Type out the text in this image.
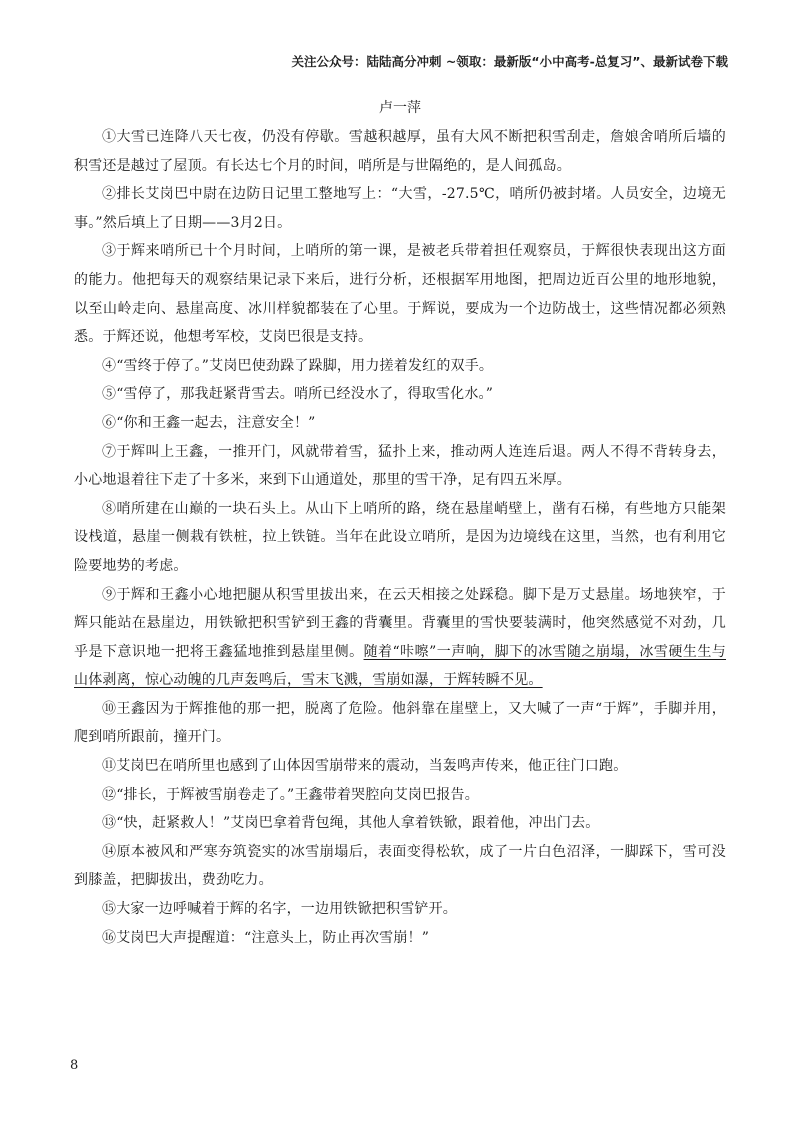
关注公众号：陆陆高分冲刺 ~领取：最新版“小中高考-总复习”、最新试卷下载
卢一萍

①大雪已连降八天七夜，仍没有停歇。雪越积越厚，虽有大风不断把积雪刮走，詹娘舍哨所后墙的积雪还是越过了屋顶。有长达七个月的时间，哨所是与世隔绝的，是人间孤岛。

②排长艾岗巴中尉在边防日记里工整地写上：“大雪，-27.5℃，哨所仍被封堵。人员安全，边境无事。”然后填上了日期——3月2日。

③于辉来哨所已十个月时间，上哨所的第一课，是被老兵带着担任观察员，于辉很快表现出这方面的能力。他把每天的观察结果记录下来后，进行分析，还根据军用地图，把周边近百公里的地形地貌，以至山岭走向、悬崖高度、冰川样貌都装在了心里。于辉说，要成为一个边防战士，这些情况都必须熟悉。于辉还说，他想考军校，艾岗巴很是支持。

④“雪终于停了。”艾岗巴使劲跺了跺脚，用力搓着发红的双手。

⑤“雪停了，那我赶紧背雪去。哨所已经没水了，得取雪化水。”

⑥“你和王鑫一起去，注意安全！”

⑦于辉叫上王鑫，一推开门，风就带着雪，猛扑上来，推动两人连连后退。两人不得不背转身去，小心地退着往下走了十多米，来到下山通道处，那里的雪干净，足有四五米厚。

⑧哨所建在山巅的一块石头上。从山下上哨所的路，绕在悬崖峭壁上，凿有石梯，有些地方只能架设栈道，悬崖一侧栽有铁桩，拉上铁链。当年在此设立哨所，是因为边境线在这里，当然，也有利用它险要地势的考虑。

⑨于辉和王鑫小心地把腿从积雪里拔出来，在云天相接之处踩稳。脚下是万丈悬崖。场地狭窄，于辉只能站在悬崖边，用铁锨把积雪铲到王鑫的背囊里。背囊里的雪快要装满时，他突然感觉不对劲，几乎是下意识地一把将王鑫猛地推到悬崖里侧。随着“咔嚓”一声响，脚下的冰雪随之崩塌，冰雪硬生生与山体剥离，惊心动魄的几声轰鸣后，雪末飞溅，雪崩如瀑，于辉转瞬不见。

⑩王鑫因为于辉推他的那一把，脱离了危险。他斜靠在崖壁上，又大喊了一声“于辉”，手脚并用，爬到哨所跟前，撞开门。

⑪艾岗巴在哨所里也感到了山体因雪崩带来的震动，当轰鸣声传来，他正往门口跑。

⑫“排长，于辉被雪崩卷走了。”王鑫带着哭腔向艾岗巴报告。

⑬“快，赶紧救人！”艾岗巴拿着背包绳，其他人拿着铁锨，跟着他，冲出门去。

⑭原本被风和严寒夯筑瓷实的冰雪崩塌后，表面变得松软，成了一片白色沼泽，一脚踩下，雪可没到膝盖，把脚拔出，费劲吃力。

⑮大家一边呼喊着于辉的名字，一边用铁锨把积雪铲开。

⑯艾岗巴大声提醒道：“注意头上，防止再次雪崩！”

8
